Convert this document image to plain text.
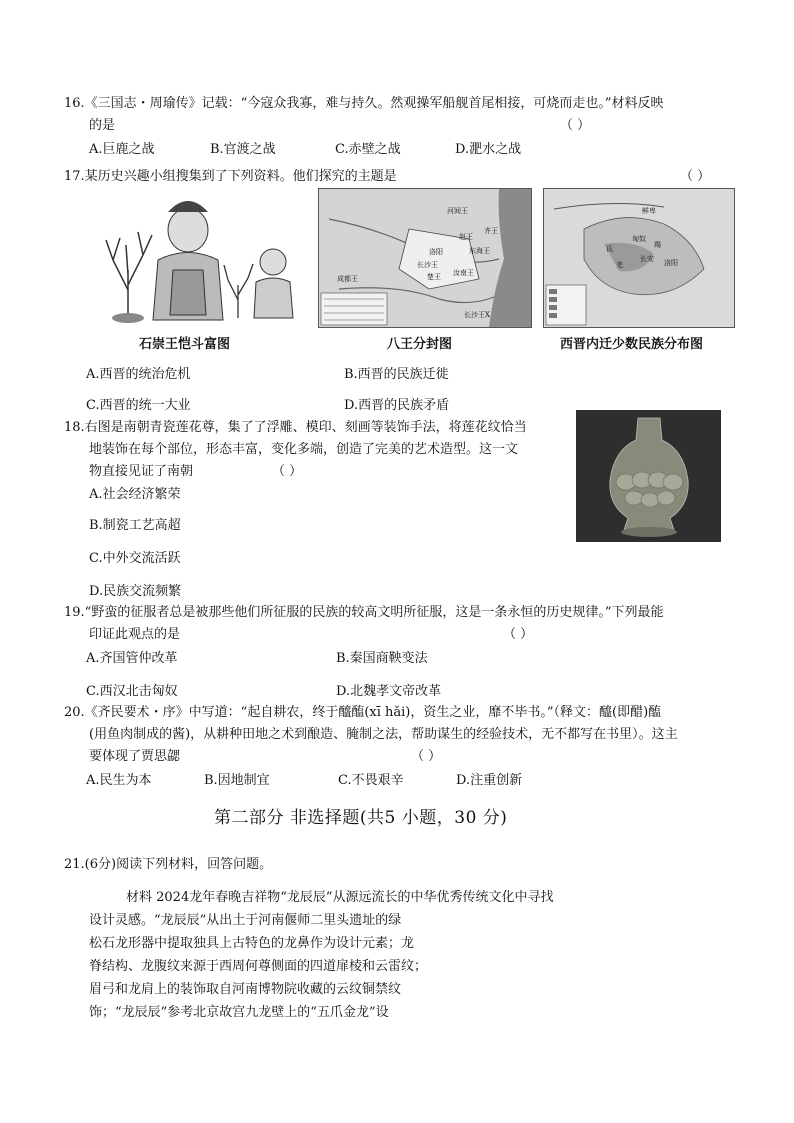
16.《三国志・周瑜传》记载：“今寇众我寡，难与持久。然观操军船舰首尾相接，可烧而走也。”材料反映
的是	（ ）
A.巨鹿之战	B.官渡之战	C.赤壁之战	D.淝水之战
17.某历史兴趣小组搜集到了下列资料。他们探究的主题是	（ ）
石崇王恺斗富图
河间王
赵王
齐王
东海王
长沙王
成都王	楚王 汝南王
洛阳
长沙王X
八王分封图
鲜卑
匈奴
羯
氐
羌	洛阳
长安
西晋内迁少数民族分布图
A.西晋的统治危机	B.西晋的民族迁徙
C.西晋的统一大业	D.西晋的民族矛盾
18.右图是南朝青瓷莲花尊，集了了浮雕、模印、刻画等装饰手法，将莲花纹恰当
地装饰在每个部位，形态丰富，变化多端，创造了完美的艺术造型。这一文
物直接见证了南朝	（ ）
A.社会经济繁荣
B.制瓷工艺高超
C.中外交流活跃
D.民族交流频繁
19.“野蛮的征服者总是被那些他们所征服的民族的较高文明所征服，这是一条永恒的历史规律。”下列最能
印证此观点的是	（ ）
A.齐国管仲改革	B.秦国商鞅变法
C.西汉北击匈奴	D.北魏孝文帝改革
20.《齐民要术・序》中写道：“起自耕农，终于醯醢(xī hǎi)，资生之业，靡不毕书。”（释文：醯(即醋)醢
(用鱼肉制成的酱)，从耕种田地之术到酿造、腌制之法，帮助谋生的经验技术，无不都写在书里）。这主
要体现了贾思勰	（ ）
A.民生为本	B.因地制宜	C.不畏艰辛	D.注重创新
第二部分 非选择题(共5 小题，30 分)
21.(6分)阅读下列材料，回答问题。
材料 2024龙年春晚吉祥物“龙辰辰”从源远流长的中华优秀传统文化中寻找
设计灵感。“龙辰辰”从出土于河南偃师二里头遗址的绿
松石龙形器中提取独具上古特色的龙鼻作为设计元素；龙
脊结构、龙腹纹来源于西周何尊侧面的四道扉棱和云雷纹；
眉弓和龙肩上的装饰取自河南博物院收藏的云纹铜禁纹
饰；“龙辰辰”参考北京故宫九龙壁上的“五爪金龙”设
